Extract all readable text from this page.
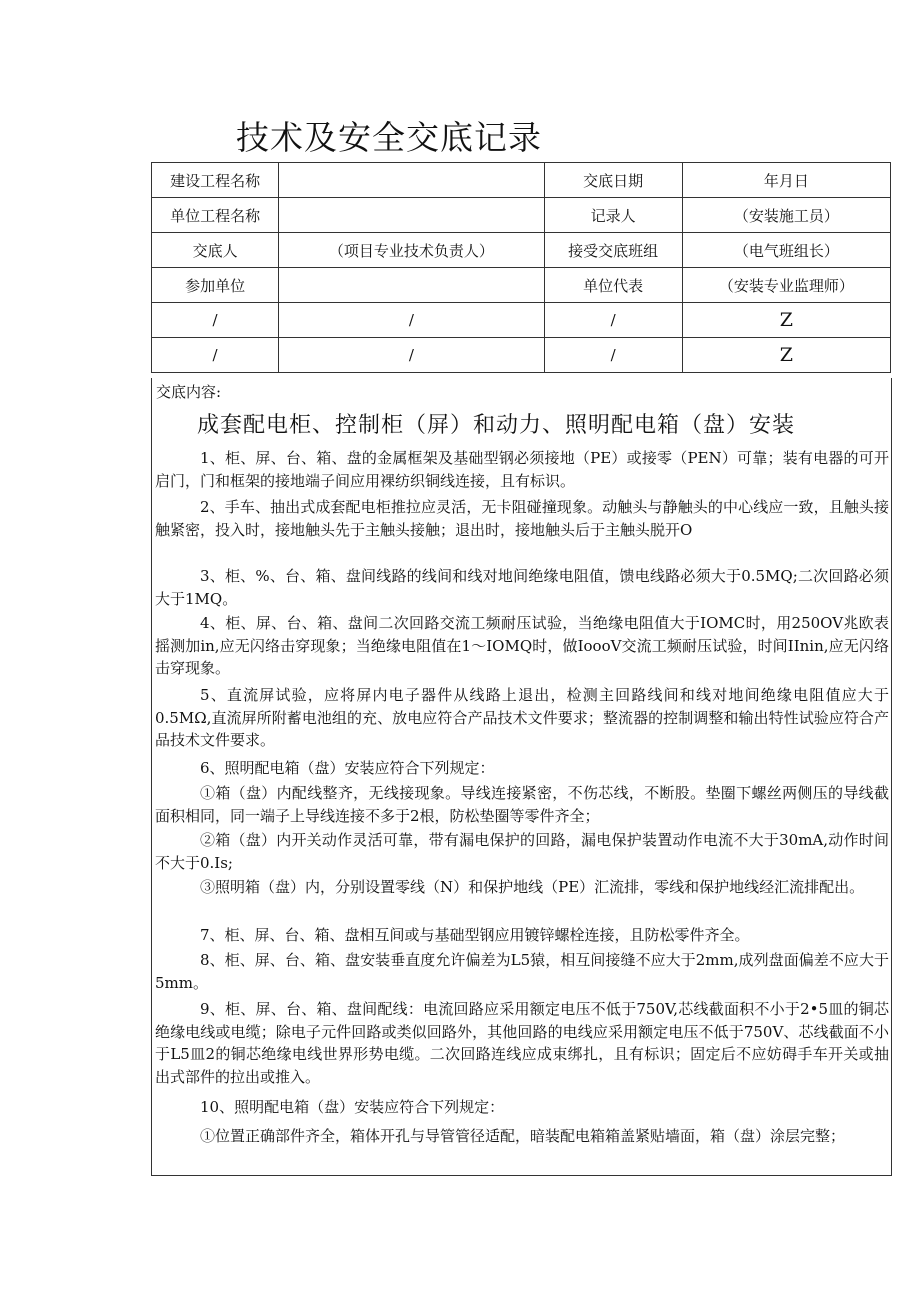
技术及安全交底记录
建设工程名称		交底日期	年月日
单位工程名称		记录人	（安装施工员）
交底人	（项目专业技术负责人）	接受交底班组	（电气班组长）
参加单位		单位代表	（安装专业监理师）
/	/	/	Z
/	/	/	Z
交底内容:
成套配电柜、控制柜（屏）和动力、照明配电箱（盘）安装
1、柜、屏、台、箱、盘的金属框架及基础型钢必须接地（PE）或接零（PEN）可靠；装有电器的可开启门，门和框架的接地端子间应用裸纺织铜线连接，且有标识。
2、手车、抽出式成套配电柜推拉应灵活，无卡阻碰撞现象。动触头与静触头的中心线应一致，且触头接触紧密，投入时，接地触头先于主触头接触；退出时，接地触头后于主触头脱开O
3、柜、%、台、箱、盘间线路的线间和线对地间绝缘电阻值，馈电线路必须大于0.5MQ;二次回路必须大于1MQ。
4、柜、屏、台、箱、盘间二次回路交流工频耐压试验，当绝缘电阻值大于IOMC时，用250OV兆欧表摇测加in,应无闪络击穿现象；当绝缘电阻值在1～IOMQ时，做IoooV交流工频耐压试验，时间IInin,应无闪络击穿现象。
5、直流屏试验，应将屏内电子器件从线路上退出，检测主回路线间和线对地间绝缘电阻值应大于0.5MΩ,直流屏所附蓄电池组的充、放电应符合产品技术文件要求；整流器的控制调整和输出特性试验应符合产品技术文件要求。
6、照明配电箱（盘）安装应符合下列规定：
①箱（盘）内配线整齐，无线接现象。导线连接紧密，不伤芯线，不断股。垫圈下螺丝两侧压的导线截面积相同，同一端子上导线连接不多于2根，防松垫圈等零件齐全；
②箱（盘）内开关动作灵活可靠，带有漏电保护的回路，漏电保护装置动作电流不大于30mA,动作时间不大于0.Is;
③照明箱（盘）内，分别设置零线（N）和保护地线（PE）汇流排，零线和保护地线经汇流排配出。
7、柜、屏、台、箱、盘相互间或与基础型钢应用镀锌螺栓连接，且防松零件齐全。
8、柜、屏、台、箱、盘安装垂直度允许偏差为L5猿，相互间接缝不应大于2mm,成列盘面偏差不应大于5mm。
9、柜、屏、台、箱、盘间配线：电流回路应采用额定电压不低于750V,芯线截面积不小于2•5皿的铜芯绝缘电线或电缆；除电子元件回路或类似回路外，其他回路的电线应采用额定电压不低于750V、芯线截面不小于L5皿2的铜芯绝缘电线世界形势电缆。二次回路连线应成束绑扎，且有标识；固定后不应妨碍手车开关或抽出式部件的拉出或推入。
10、照明配电箱（盘）安装应符合下列规定：
①位置正确部件齐全，箱体开孔与导管管径适配，暗装配电箱箱盖紧贴墙面，箱（盘）涂层完整；
